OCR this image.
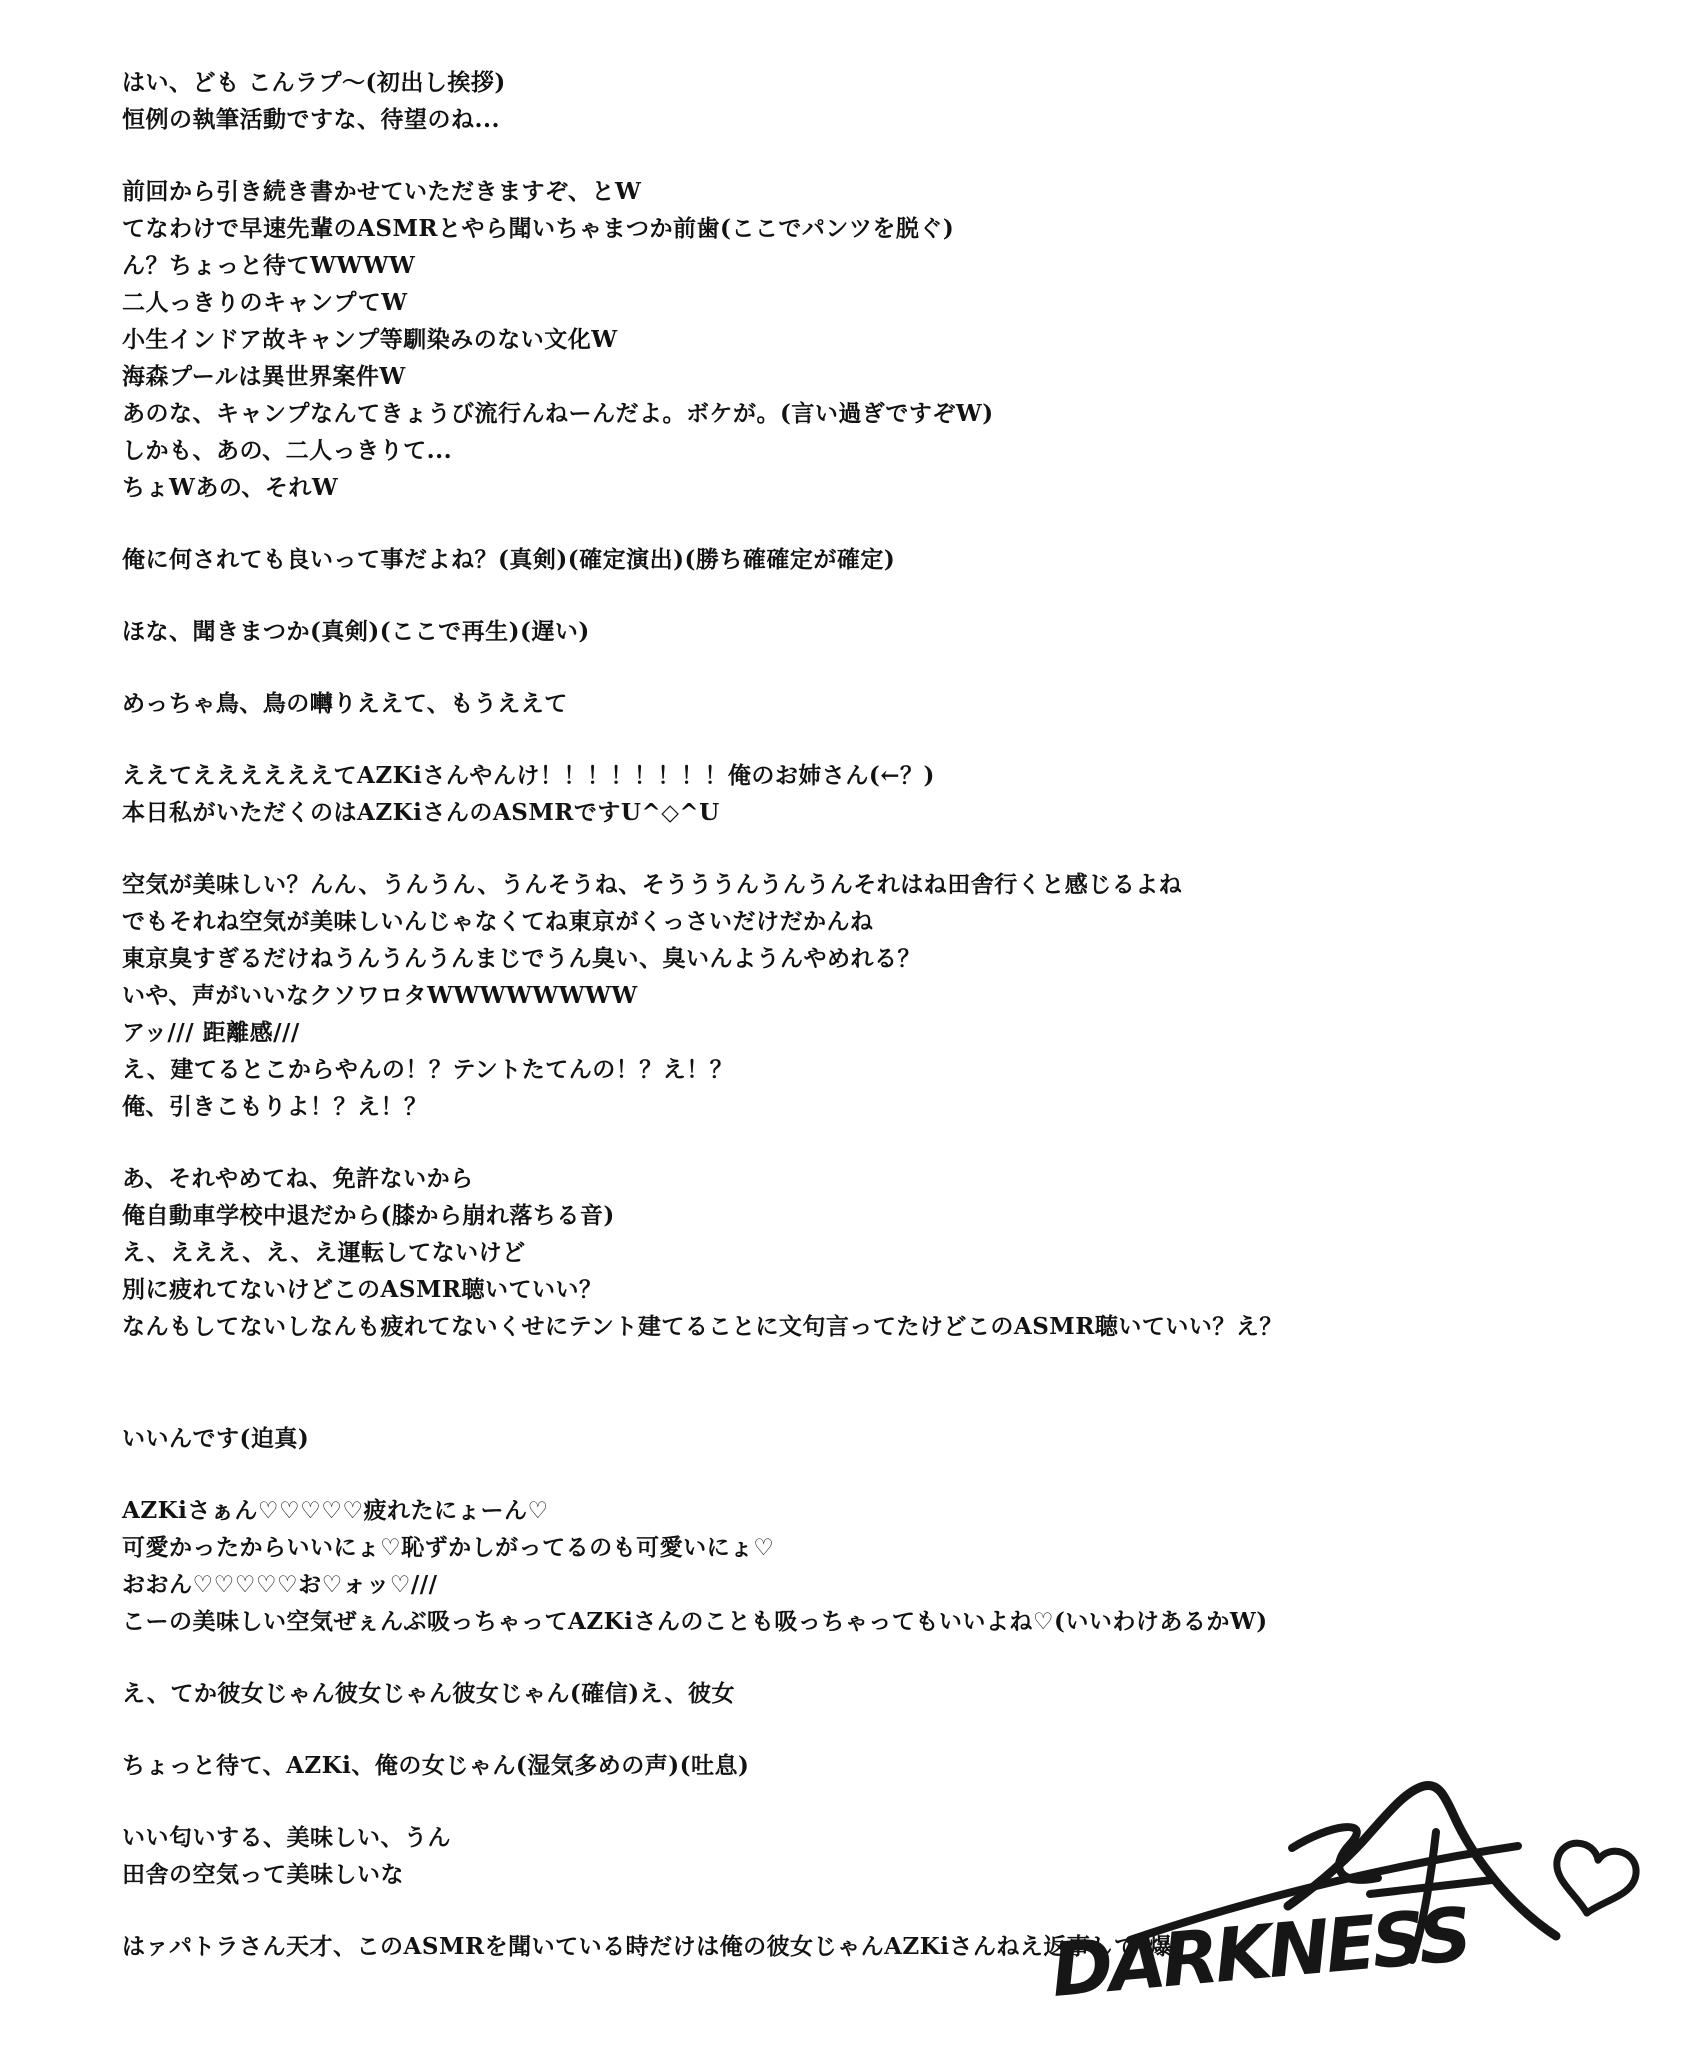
はい、ども こんラプ～(初出し挨拶)

恒例の執筆活動ですな、待望のね...

前回から引き続き書かせていただきますぞ、とW

てなわけで早速先輩のASMRとやら聞いちゃまつか前歯(ここでパンツを脱ぐ)

ん？ちょっと待てWWWW

二人っきりのキャンプてW

小生インドア故キャンプ等馴染みのない文化W

海森プールは異世界案件W

あのな、キャンプなんてきょうび流行んねーんだよ。ボケが。(言い過ぎですぞW)

しかも、あの、二人っきりて...

ちょWあの、それW

俺に何されても良いって事だよね？(真剣)(確定演出)(勝ち確確定が確定)

ほな、聞きまつか(真剣)(ここで再生)(遅い)

めっちゃ鳥、鳥の囀りええて、もうええて

ええてええええええてAZKiさんやんけ！！！！！！！！俺のお姉さん(←？)

本日私がいただくのはAZKiさんのASMRですU^◇^U

空気が美味しい？んん、うんうん、うんそうね、そうううんうんうんそれはね田舎行くと感じるよね

でもそれね空気が美味しいんじゃなくてね東京がくっさいだけだかんね

東京臭すぎるだけねうんうんうんまじでうん臭い、臭いんようんやめれる？

いや、声がいいなクソワロタWWWWWWWW

アッ/// 距離感///

え、建てるとこからやんの！？テントたてんの！？え！？

俺、引きこもりよ！？え！？

あ、それやめてね、免許ないから

俺自動車学校中退だから(膝から崩れ落ちる音)

え、えええ、え、え運転してないけど

別に疲れてないけどこのASMR聴いていい？

なんもしてないしなんも疲れてないくせにテント建てることに文句言ってたけどこのASMR聴いていい？え？

いいんです(迫真)

AZKiさぁん♡♡♡♡♡疲れたにょーん♡

可愛かったからいいにょ♡恥ずかしがってるのも可愛いにょ♡

おおん♡♡♡♡♡お♡ォッ♡///

こーの美味しい空気ぜぇんぶ吸っちゃってAZKiさんのことも吸っちゃってもいいよね♡(いいわけあるかW)

え、てか彼女じゃん彼女じゃん彼女じゃん(確信)え、彼女

ちょっと待て、AZKi、俺の女じゃん(湿気多めの声)(吐息)

いい匂いする、美味しい、うん

田舎の空気って美味しいな

はァパトラさん天才、このASMRを聞いている時だけは俺の彼女じゃんAZKiさんねえ返事して(爆)

DARKNESS
